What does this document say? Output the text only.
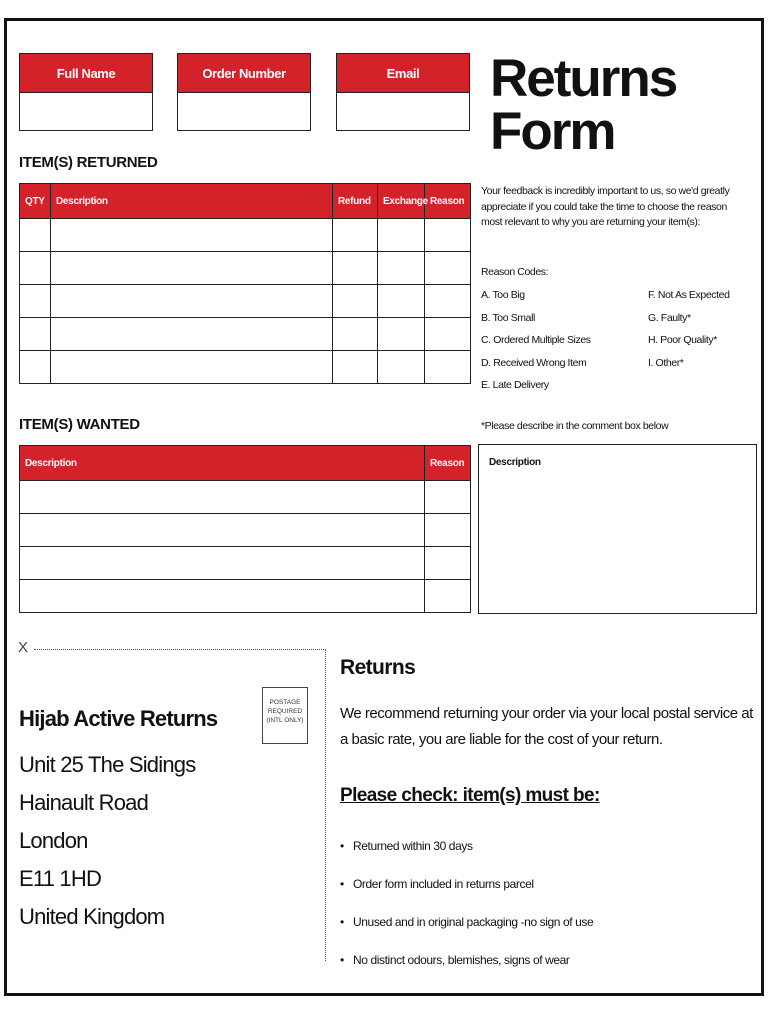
Full Name	Order Number	Email	Returns Form
ITEM(S) RETURNED
QTY	Description	Refund	Exchange	Reason

Your feedback is incredibly important to us, so we'd greatly appreciate if you could take the time to choose the reason most relevant to why you are returning your item(s):
Reason Codes:
A. Too Big
B. Too Small
C. Ordered Multiple Sizes
D. Received Wrong Item
E. Late Delivery
F. Not As Expected
G. Faulty*
H. Poor Quality*
I. Other*
*Please describe in the comment box below
Description
ITEM(S) WANTED
Description	Reason

X
Hijab Active Returns
POSTAGE
REQUIRED
(INTL ONLY)
Unit 25 The Sidings
Hainault Road
London
E11 1HD
United Kingdom
Returns
We recommend returning your order via your local postal service at a basic rate, you are liable for the cost of your return.
Please check: item(s) must be:
• Returned within 30 days
• Order form included in returns parcel
• Unused and in original packaging -no sign of use
• No distinct odours, blemishes, signs of wear
